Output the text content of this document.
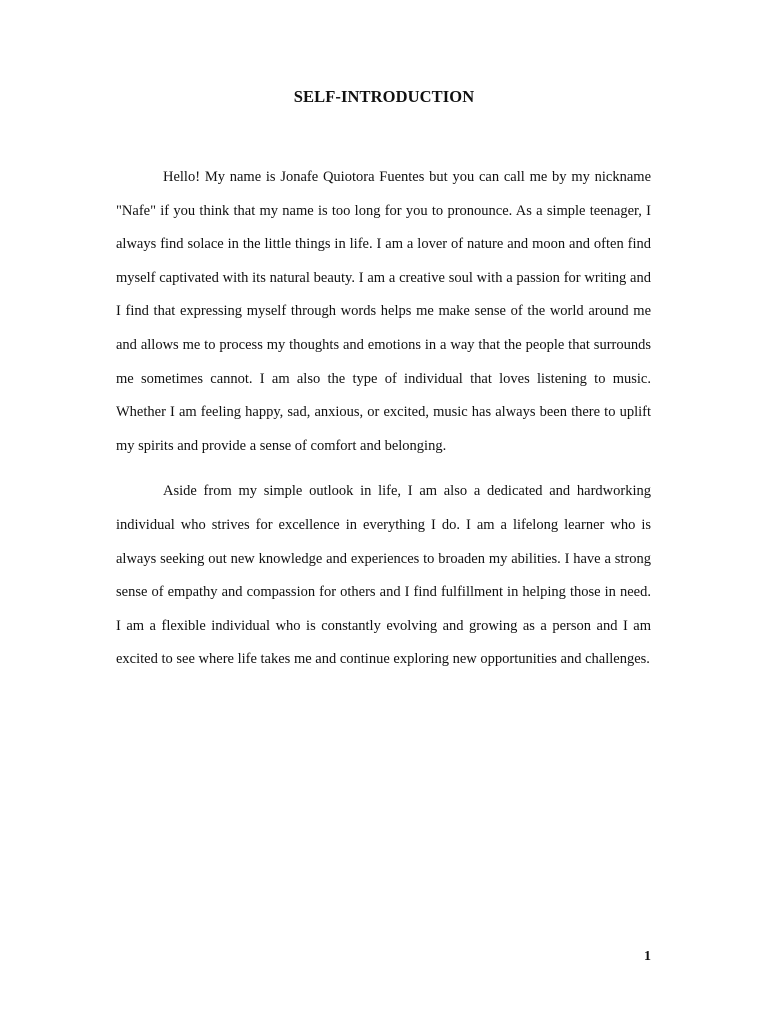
SELF-INTRODUCTION

Hello! My name is Jonafe Quiotora Fuentes but you can call me by my nickname "Nafe" if you think that my name is too long for you to pronounce. As a simple teenager, I always find solace in the little things in life. I am a lover of nature and moon and often find myself captivated with its natural beauty. I am a creative soul with a passion for writing and I find that expressing myself through words helps me make sense of the world around me and allows me to process my thoughts and emotions in a way that the people that surrounds me sometimes cannot. I am also the type of individual that loves listening to music. Whether I am feeling happy, sad, anxious, or excited, music has always been there to uplift my spirits and provide a sense of comfort and belonging.

Aside from my simple outlook in life, I am also a dedicated and hardworking individual who strives for excellence in everything I do. I am a lifelong learner who is always seeking out new knowledge and experiences to broaden my abilities. I have a strong sense of empathy and compassion for others and I find fulfillment in helping those in need. I am a flexible individual who is constantly evolving and growing as a person and I am excited to see where life takes me and continue exploring new opportunities and challenges.

1
